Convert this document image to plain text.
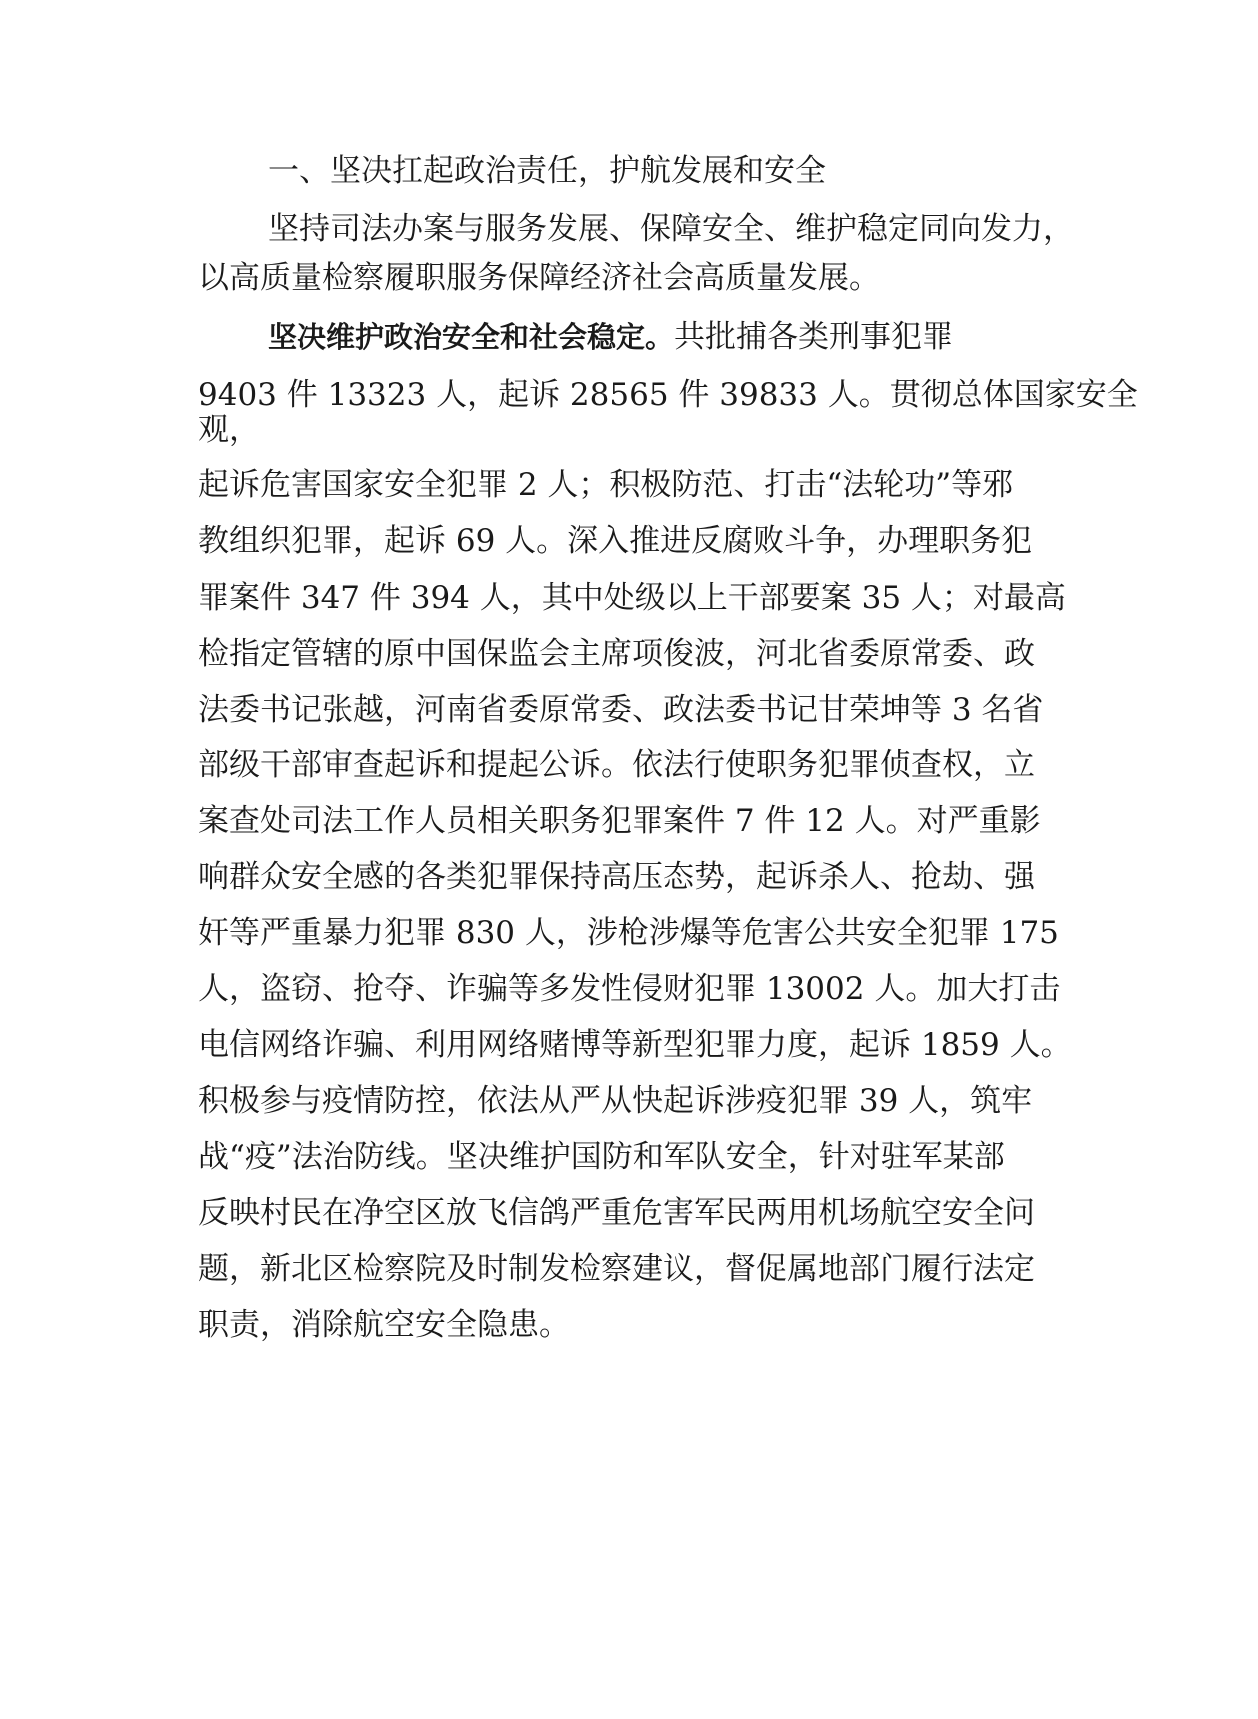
一、坚决扛起政治责任，护航发展和安全

坚持司法办案与服务发展、保障安全、维护稳定同向发力，

以高质量检察履职服务保障经济社会高质量发展。

坚决维护政治安全和社会稳定。共批捕各类刑事犯罪

9403 件 13323 人，起诉 28565 件 39833 人。贯彻总体国家安全

观，

起诉危害国家安全犯罪 2 人；积极防范、打击“法轮功”等邪

教组织犯罪，起诉 69 人。深入推进反腐败斗争，办理职务犯

罪案件 347 件 394 人，其中处级以上干部要案 35 人；对最高

检指定管辖的原中国保监会主席项俊波，河北省委原常委、政

法委书记张越，河南省委原常委、政法委书记甘荣坤等 3 名省

部级干部审查起诉和提起公诉。依法行使职务犯罪侦查权，立

案查处司法工作人员相关职务犯罪案件 7 件 12 人。对严重影

响群众安全感的各类犯罪保持高压态势，起诉杀人、抢劫、强

奸等严重暴力犯罪 830 人，涉枪涉爆等危害公共安全犯罪 175

人，盗窃、抢夺、诈骗等多发性侵财犯罪 13002 人。加大打击

电信网络诈骗、利用网络赌博等新型犯罪力度，起诉 1859 人。

积极参与疫情防控，依法从严从快起诉涉疫犯罪 39 人，筑牢

战“疫”法治防线。坚决维护国防和军队安全，针对驻军某部

反映村民在净空区放飞信鸽严重危害军民两用机场航空安全问

题，新北区检察院及时制发检察建议，督促属地部门履行法定

职责，消除航空安全隐患。
